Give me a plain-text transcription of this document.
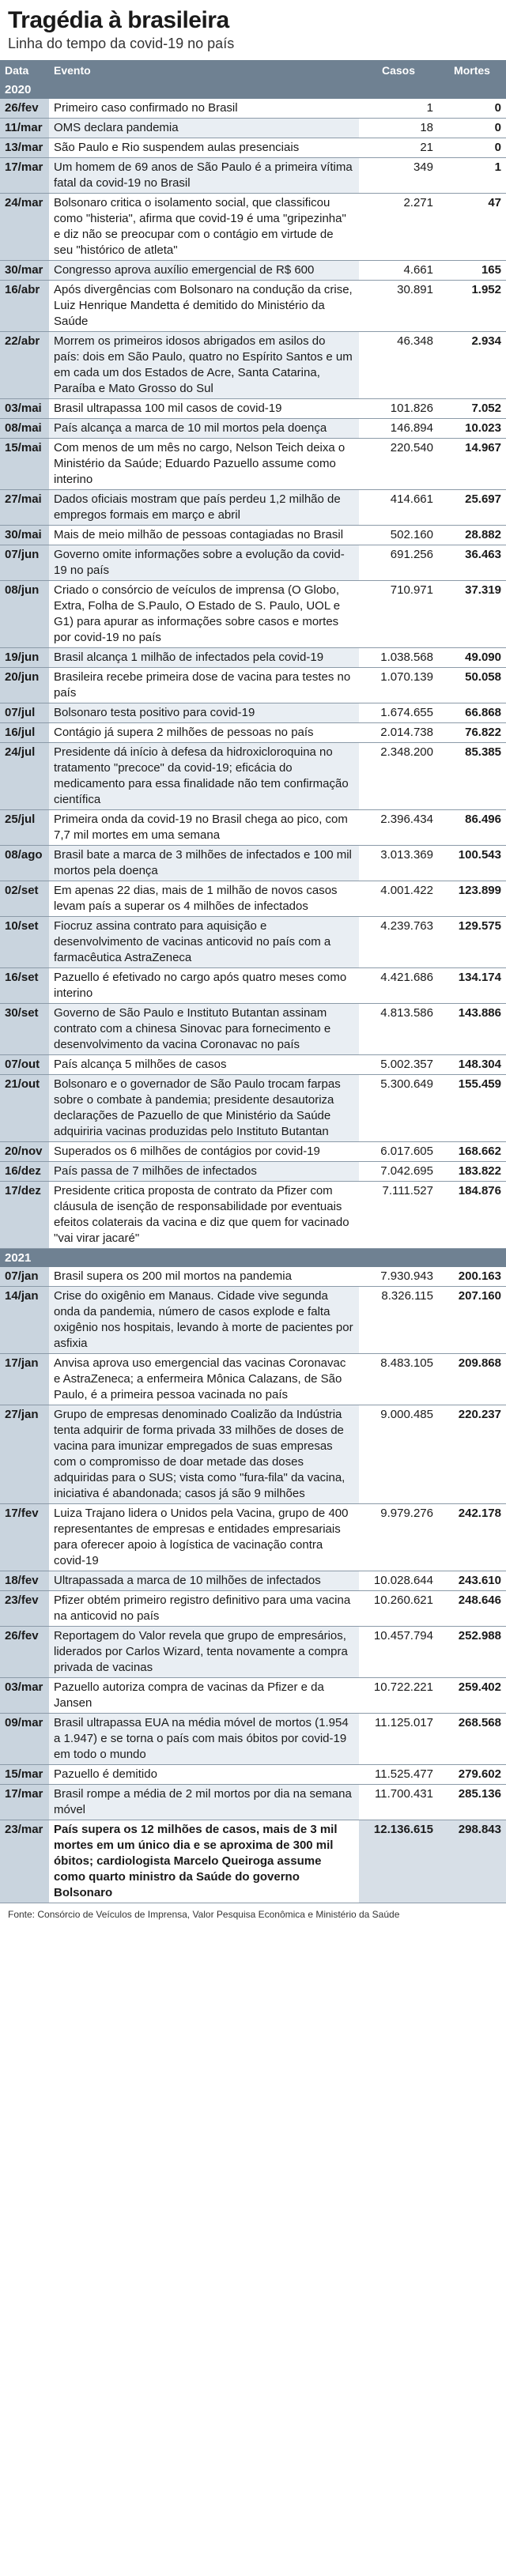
Tragédia à brasileira
Linha do tempo da covid-19 no país
Data	Evento	Casos	Mortes
2020			
26/fev	Primeiro caso confirmado no Brasil	1	0
11/mar	OMS declara pandemia	18	0
13/mar	São Paulo e Rio suspendem aulas presenciais	21	0
17/mar	Um homem de 69 anos de São Paulo é a primeira vítima fatal da covid-19 no Brasil	349	1
24/mar	Bolsonaro critica o isolamento social, que classificou como "histeria", afirma que covid-19 é uma "gripezinha" e diz não se preocupar com o contágio em virtude de seu "histórico de atleta"	2.271	47
30/mar	Congresso aprova auxílio emergencial de R$ 600	4.661	165
16/abr	Após divergências com Bolsonaro na condução da crise, Luiz Henrique Mandetta é demitido do Ministério da Saúde	30.891	1.952
22/abr	Morrem os primeiros idosos abrigados em asilos do país: dois em São Paulo, quatro no Espírito Santos e um em cada um dos Estados de Acre, Santa Catarina, Paraíba e Mato Grosso do Sul	46.348	2.934
03/mai	Brasil ultrapassa 100 mil casos de covid-19	101.826	7.052
08/mai	País alcança a marca de 10 mil mortos pela doença	146.894	10.023
15/mai	Com menos de um mês no cargo, Nelson Teich deixa o Ministério da Saúde; Eduardo Pazuello assume como interino	220.540	14.967
27/mai	Dados oficiais mostram que país perdeu 1,2 milhão de empregos formais em março e abril	414.661	25.697
30/mai	Mais de meio milhão de pessoas contagiadas no Brasil	502.160	28.882
07/jun	Governo omite informações sobre a evolução da covid-19 no país	691.256	36.463
08/jun	Criado o consórcio de veículos de imprensa (O Globo, Extra, Folha de S.Paulo, O Estado de S. Paulo, UOL e G1) para apurar as informações sobre casos e mortes por covid-19 no país	710.971	37.319
19/jun	Brasil alcança 1 milhão de infectados pela covid-19	1.038.568	49.090
20/jun	Brasileira recebe primeira dose de vacina para testes no país	1.070.139	50.058
07/jul	Bolsonaro testa positivo para covid-19	1.674.655	66.868
16/jul	Contágio já supera 2 milhões de pessoas no país	2.014.738	76.822
24/jul	Presidente dá início à defesa da hidroxicloroquina no tratamento "precoce" da covid-19; eficácia do medicamento para essa finalidade não tem confirmação científica	2.348.200	85.385
25/jul	Primeira onda da covid-19 no Brasil chega ao pico, com 7,7 mil mortes em uma semana	2.396.434	86.496
08/ago	Brasil bate a marca de 3 milhões de infectados e 100 mil mortos pela doença	3.013.369	100.543
02/set	Em apenas 22 dias, mais de 1 milhão de novos casos levam país a superar os 4 milhões de infectados	4.001.422	123.899
10/set	Fiocruz assina contrato para aquisição e desenvolvimento de vacinas anticovid no país com a farmacêutica AstraZeneca	4.239.763	129.575
16/set	Pazuello é efetivado no cargo após quatro meses como interino	4.421.686	134.174
30/set	Governo de São Paulo e Instituto Butantan assinam contrato com a chinesa Sinovac para fornecimento e desenvolvimento da vacina Coronavac no país	4.813.586	143.886
07/out	País alcança 5 milhões de casos	5.002.357	148.304
21/out	Bolsonaro e o governador de São Paulo trocam farpas sobre o combate à pandemia; presidente desautoriza declarações de Pazuello de que Ministério da Saúde adquiriria vacinas produzidas pelo Instituto Butantan	5.300.649	155.459
20/nov	Superados os 6 milhões de contágios por covid-19	6.017.605	168.662
16/dez	País passa de 7 milhões de infectados	7.042.695	183.822
17/dez	Presidente critica proposta de contrato da Pfizer com cláusula de isenção de responsabilidade por eventuais efeitos colaterais da vacina e diz que quem for vacinado "vai virar jacaré"	7.111.527	184.876
2021			
07/jan	Brasil supera os 200 mil mortos na pandemia	7.930.943	200.163
14/jan	Crise do oxigênio em Manaus. Cidade vive segunda onda da pandemia, número de casos explode e falta oxigênio nos hospitais, levando à morte de pacientes por asfixia	8.326.115	207.160
17/jan	Anvisa aprova uso emergencial das vacinas Coronavac e AstraZeneca; a enfermeira Mônica Calazans, de São Paulo, é a primeira pessoa vacinada no país	8.483.105	209.868
27/jan	Grupo de empresas denominado Coalizão da Indústria tenta adquirir de forma privada 33 milhões de doses de vacina para imunizar empregados de suas empresas com o compromisso de doar metade das doses adquiridas para o SUS; vista como "fura-fila" da vacina, iniciativa é abandonada; casos já são 9 milhões	9.000.485	220.237
17/fev	Luiza Trajano lidera o Unidos pela Vacina, grupo de 400 representantes de empresas e entidades empresariais para oferecer apoio à logística de vacinação contra covid-19	9.979.276	242.178
18/fev	Ultrapassada a marca de 10 milhões de infectados	10.028.644	243.610
23/fev	Pfizer obtém primeiro registro definitivo para uma vacina na anticovid no país	10.260.621	248.646
26/fev	Reportagem do Valor revela que grupo de empresários, liderados por Carlos Wizard, tenta novamente a compra privada de vacinas	10.457.794	252.988
03/mar	Pazuello autoriza compra de vacinas da Pfizer e da Jansen	10.722.221	259.402
09/mar	Brasil ultrapassa EUA na média móvel de mortos (1.954 a 1.947) e se torna o país com mais óbitos por covid-19 em todo o mundo	11.125.017	268.568
15/mar	Pazuello é demitido	11.525.477	279.602
17/mar	Brasil rompe a média de 2 mil mortos por dia na semana móvel	11.700.431	285.136
23/mar	País supera os 12 milhões de casos, mais de 3 mil mortes em um único dia e se aproxima de 300 mil óbitos; cardiologista Marcelo Queiroga assume como quarto ministro da Saúde do governo Bolsonaro	12.136.615	298.843
Fonte: Consórcio de Veículos de Imprensa, Valor Pesquisa Econômica e Ministério da Saúde
